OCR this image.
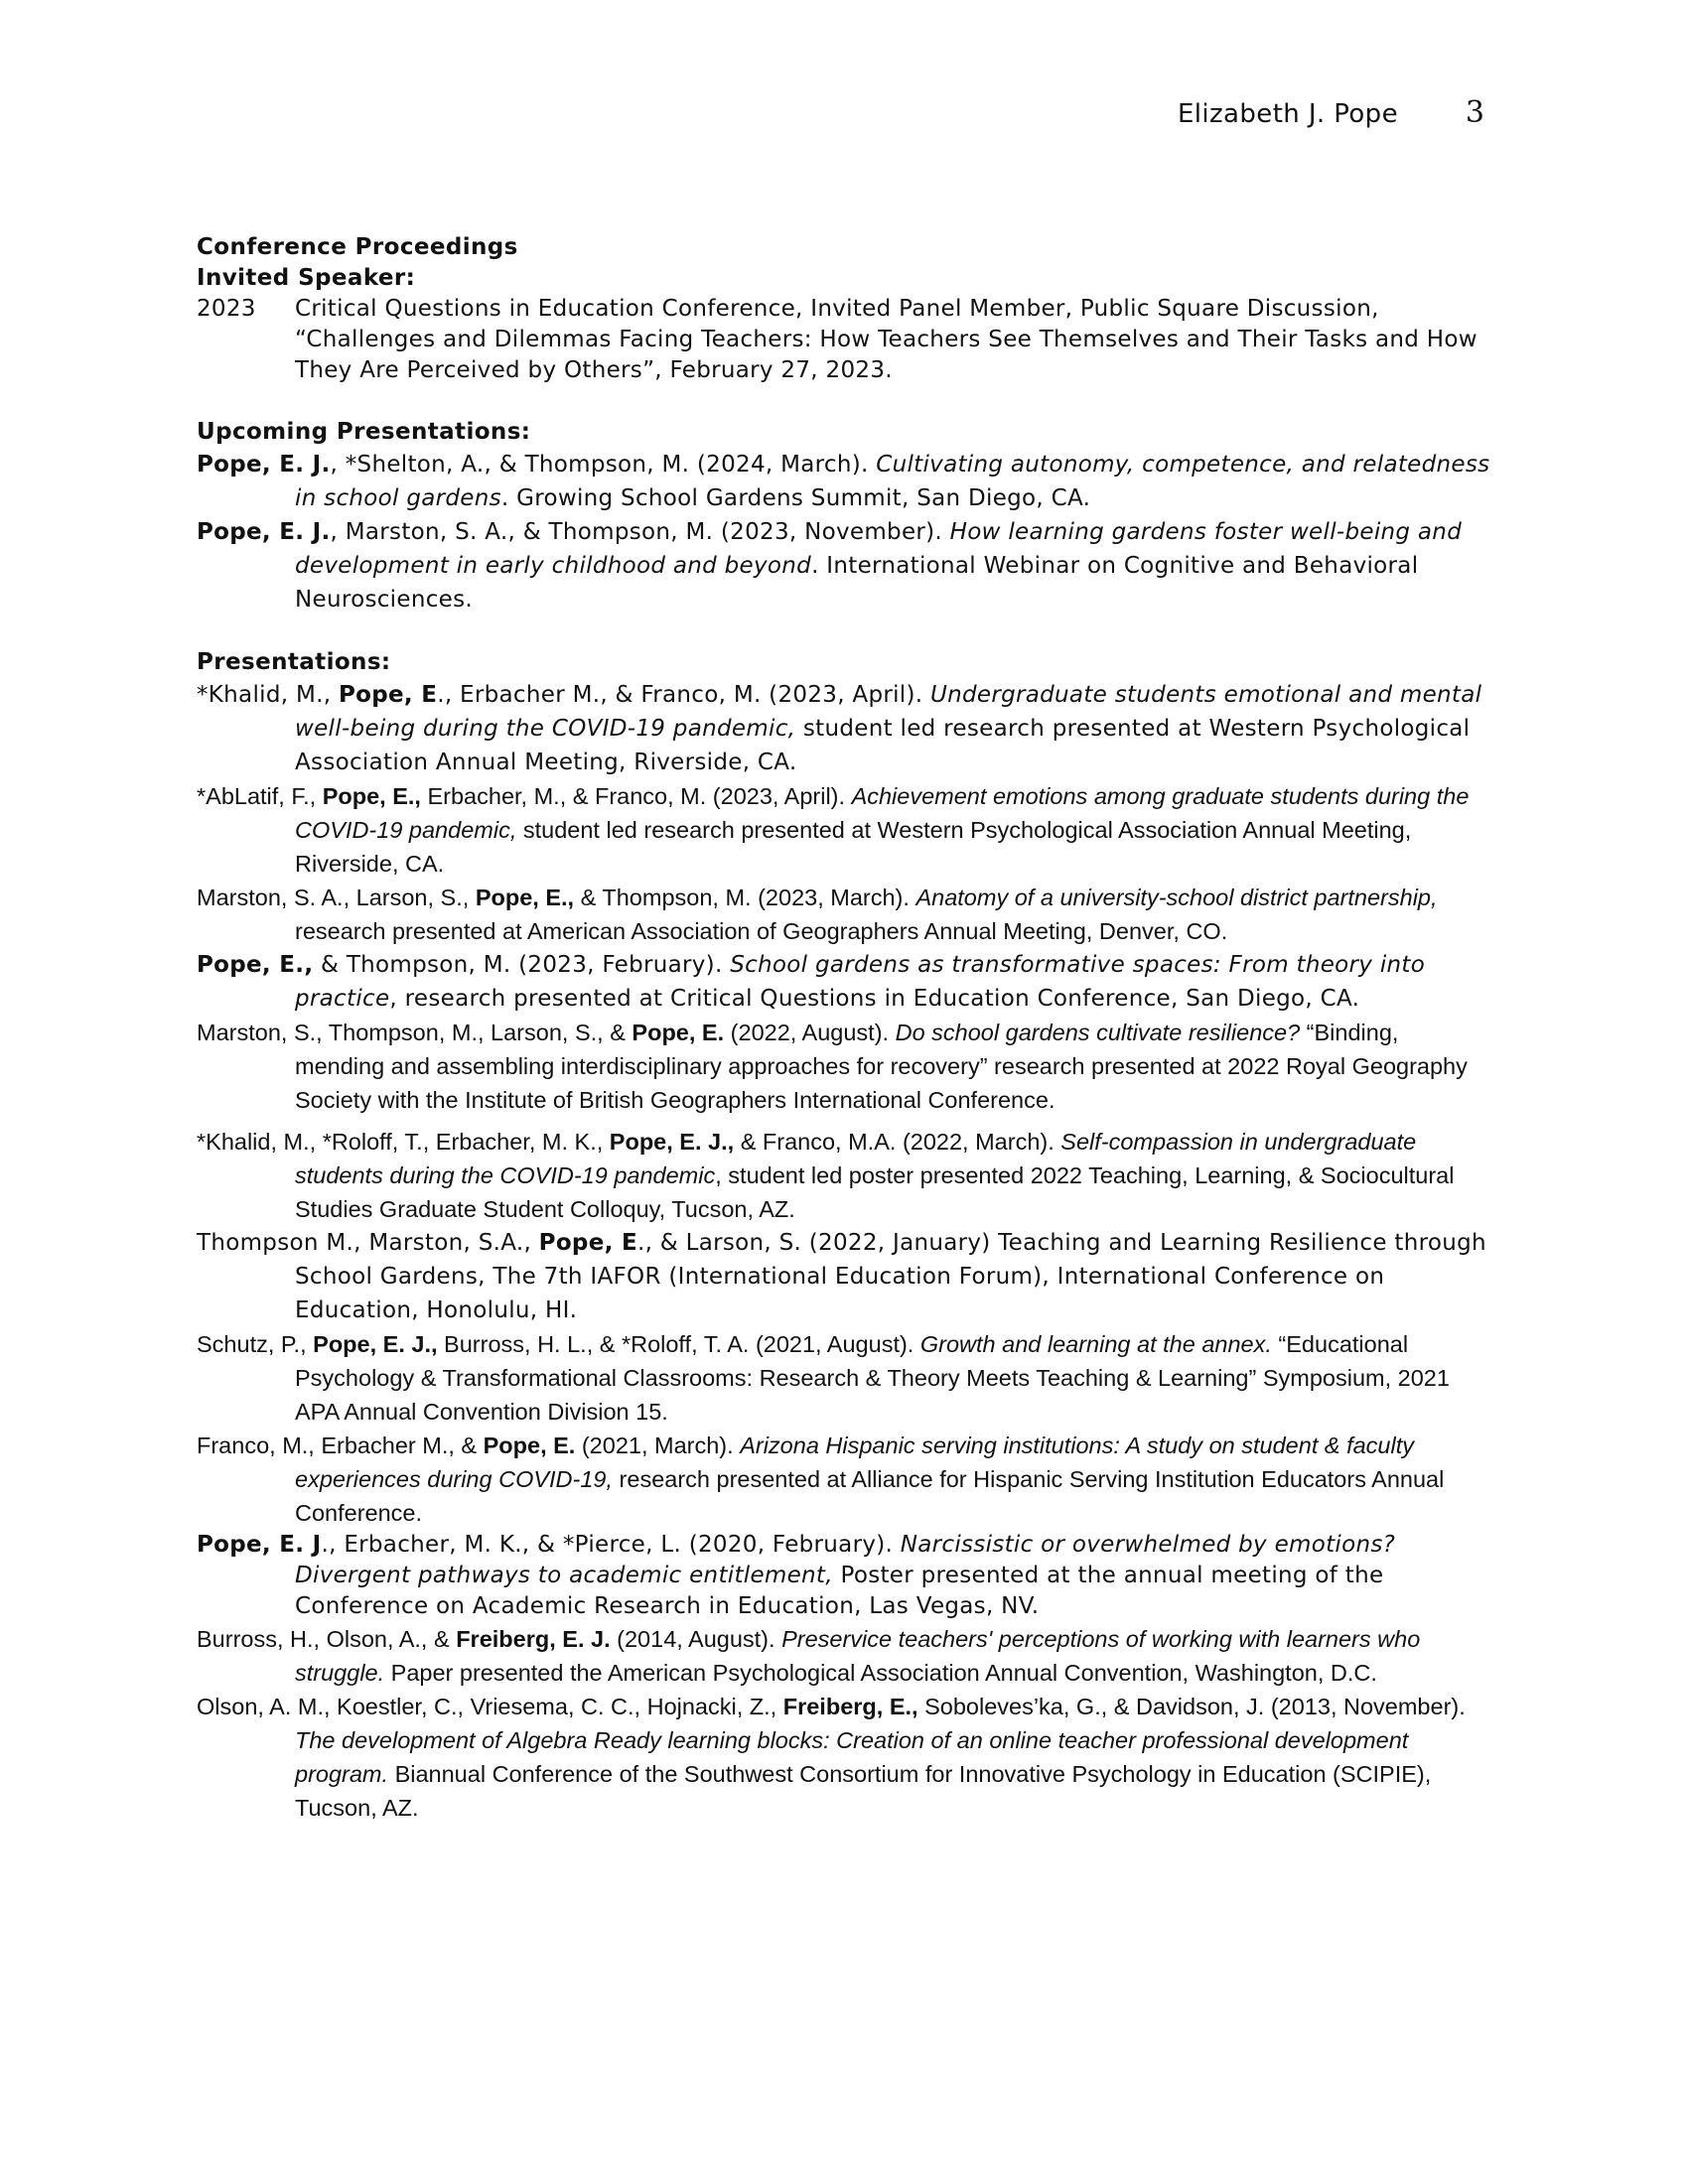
Elizabeth J. Pope 3
Conference Proceedings
Invited Speaker:
2023	Critical Questions in Education Conference, Invited Panel Member, Public Square Discussion, “Challenges and Dilemmas Facing Teachers: How Teachers See Themselves and Their Tasks and How They Are Perceived by Others”, February 27, 2023.
Upcoming Presentations:
Pope, E. J., *Shelton, A., & Thompson, M. (2024, March). Cultivating autonomy, competence, and relatedness in school gardens. Growing School Gardens Summit, San Diego, CA.
Pope, E. J., Marston, S. A., & Thompson, M. (2023, November). How learning gardens foster well-being and development in early childhood and beyond. International Webinar on Cognitive and Behavioral Neurosciences.
Presentations:
*Khalid, M., Pope, E., Erbacher M., & Franco, M. (2023, April). Undergraduate students emotional and mental well-being during the COVID-19 pandemic, student led research presented at Western Psychological Association Annual Meeting, Riverside, CA.
*AbLatif, F., Pope, E., Erbacher, M., & Franco, M. (2023, April). Achievement emotions among graduate students during the COVID-19 pandemic, student led research presented at Western Psychological Association Annual Meeting, Riverside, CA.
Marston, S. A., Larson, S., Pope, E., & Thompson, M. (2023, March). Anatomy of a university-school district partnership, research presented at American Association of Geographers Annual Meeting, Denver, CO.
Pope, E., & Thompson, M. (2023, February). School gardens as transformative spaces: From theory into practice, research presented at Critical Questions in Education Conference, San Diego, CA.
Marston, S., Thompson, M., Larson, S., & Pope, E. (2022, August). Do school gardens cultivate resilience? “Binding, mending and assembling interdisciplinary approaches for recovery” research presented at 2022 Royal Geography Society with the Institute of British Geographers International Conference.
*Khalid, M., *Roloff, T., Erbacher, M. K., Pope, E. J., & Franco, M.A. (2022, March). Self-compassion in undergraduate students during the COVID-19 pandemic, student led poster presented 2022 Teaching, Learning, & Sociocultural Studies Graduate Student Colloquy, Tucson, AZ.
Thompson M., Marston, S.A., Pope, E., & Larson, S. (2022, January) Teaching and Learning Resilience through School Gardens, The 7th IAFOR (International Education Forum), International Conference on Education, Honolulu, HI.
Schutz, P., Pope, E. J., Burross, H. L., & *Roloff, T. A. (2021, August). Growth and learning at the annex. “Educational Psychology & Transformational Classrooms: Research & Theory Meets Teaching & Learning” Symposium, 2021 APA Annual Convention Division 15.
Franco, M., Erbacher M., & Pope, E. (2021, March). Arizona Hispanic serving institutions: A study on student & faculty experiences during COVID-19, research presented at Alliance for Hispanic Serving Institution Educators Annual Conference.
Pope, E. J., Erbacher, M. K., & *Pierce, L. (2020, February). Narcissistic or overwhelmed by emotions? Divergent pathways to academic entitlement, Poster presented at the annual meeting of the Conference on Academic Research in Education, Las Vegas, NV.
Burross, H., Olson, A., & Freiberg, E. J. (2014, August). Preservice teachers' perceptions of working with learners who struggle. Paper presented the American Psychological Association Annual Convention, Washington, D.C.
Olson, A. M., Koestler, C., Vriesema, C. C., Hojnacki, Z., Freiberg, E., Soboleves’ka, G., & Davidson, J. (2013, November). The development of Algebra Ready learning blocks: Creation of an online teacher professional development program. Biannual Conference of the Southwest Consortium for Innovative Psychology in Education (SCIPIE), Tucson, AZ.
